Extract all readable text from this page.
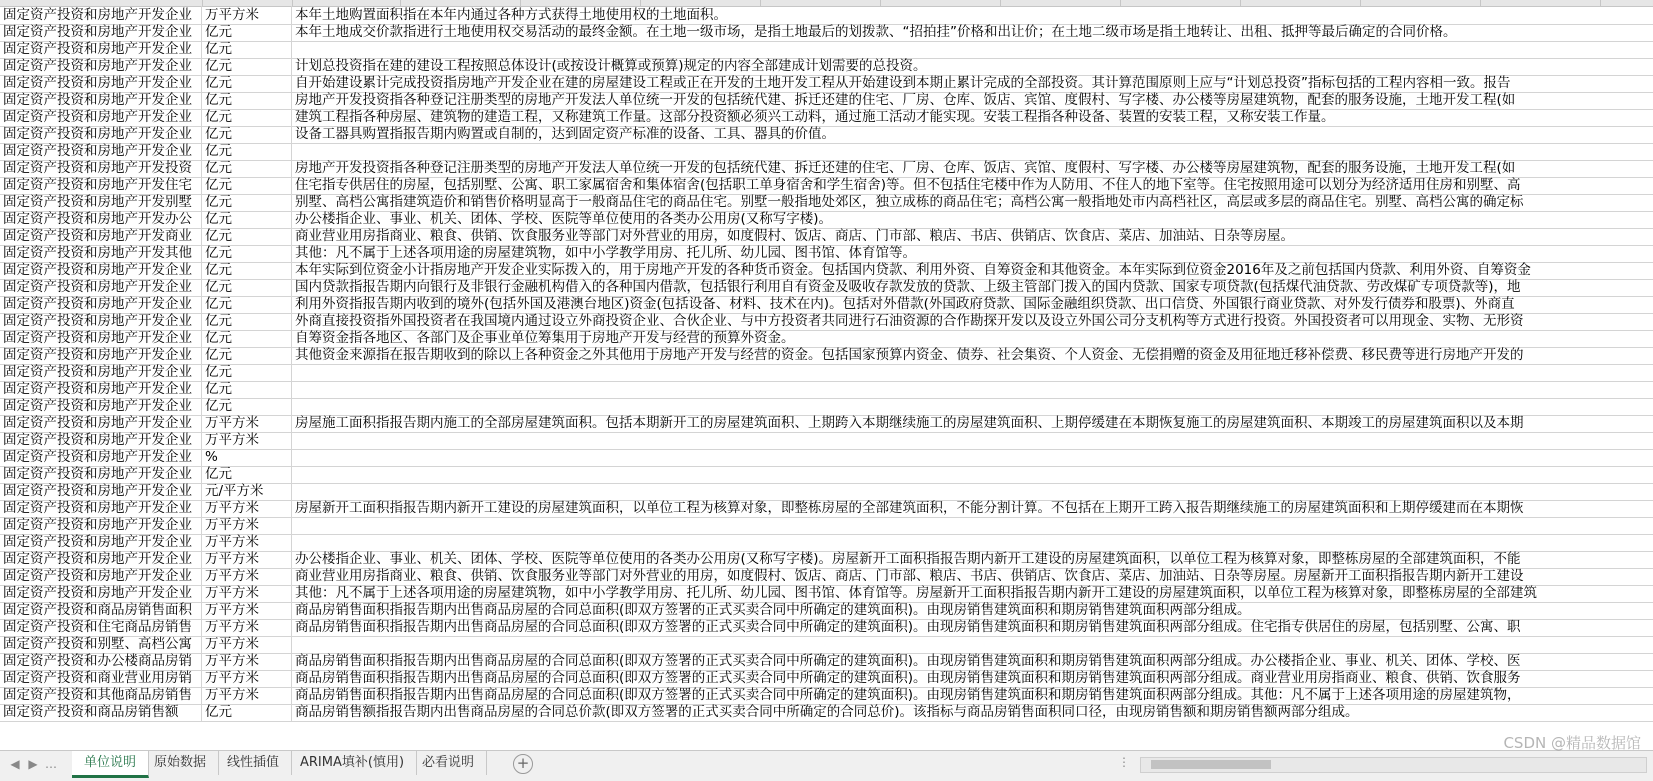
固定资产投资和房地产开发企业 万平方米	本年土地购置面积指在本年内通过各种方式获得土地使用权的土地面积。
固定资产投资和房地产开发企业 亿元	本年土地成交价款指进行土地使用权交易活动的最终金额。在土地一级市场，是指土地最后的划拨款、“招拍挂”价格和出让价；在土地二级市场是指土地转让、出租、抵押等最后确定的合同价格。
固定资产投资和房地产开发企业 亿元
固定资产投资和房地产开发企业 亿元	计划总投资指在建的建设工程按照总体设计(或按设计概算或预算)规定的内容全部建成计划需要的总投资。
固定资产投资和房地产开发企业 亿元	自开始建设累计完成投资指房地产开发企业在建的房屋建设工程或正在开发的土地开发工程从开始建设到本期止累计完成的全部投资。其计算范围原则上应与“计划总投资”指标包括的工程内容相一致。报告
固定资产投资和房地产开发企业 亿元	房地产开发投资指各种登记注册类型的房地产开发法人单位统一开发的包括统代建、拆迁还建的住宅、厂房、仓库、饭店、宾馆、度假村、写字楼、办公楼等房屋建筑物，配套的服务设施，土地开发工程(如
固定资产投资和房地产开发企业 亿元	建筑工程指各种房屋、建筑物的建造工程，又称建筑工作量。这部分投资额必须兴工动料，通过施工活动才能实现。安装工程指各种设备、装置的安装工程，又称安装工作量。
固定资产投资和房地产开发企业 亿元	设备工器具购置指报告期内购置或自制的，达到固定资产标准的设备、工具、器具的价值。
固定资产投资和房地产开发企业 亿元
固定资产投资和房地产开发投资 亿元	房地产开发投资指各种登记注册类型的房地产开发法人单位统一开发的包括统代建、拆迁还建的住宅、厂房、仓库、饭店、宾馆、度假村、写字楼、办公楼等房屋建筑物，配套的服务设施，土地开发工程(如
固定资产投资和房地产开发住宅 亿元	住宅指专供居住的房屋，包括别墅、公寓、职工家属宿舍和集体宿舍(包括职工单身宿舍和学生宿舍)等。但不包括住宅楼中作为人防用、不住人的地下室等。住宅按照用途可以划分为经济适用住房和别墅、高
固定资产投资和房地产开发别墅 亿元	别墅、高档公寓指建筑造价和销售价格明显高于一般商品住宅的商品住宅。别墅一般指地处郊区，独立成栋的商品住宅；高档公寓一般指地处市内高档社区，高层或多层的商品住宅。别墅、高档公寓的确定标
固定资产投资和房地产开发办公 亿元	办公楼指企业、事业、机关、团体、学校、医院等单位使用的各类办公用房(又称写字楼)。
固定资产投资和房地产开发商业 亿元	商业营业用房指商业、粮食、供销、饮食服务业等部门对外营业的用房，如度假村、饭店、商店、门市部、粮店、书店、供销店、饮食店、菜店、加油站、日杂等房屋。
固定资产投资和房地产开发其他 亿元	其他：凡不属于上述各项用途的房屋建筑物，如中小学教学用房、托儿所、幼儿园、图书馆、体育馆等。
固定资产投资和房地产开发企业 亿元	本年实际到位资金小计指房地产开发企业实际拨入的，用于房地产开发的各种货币资金。包括国内贷款、利用外资、自筹资金和其他资金。本年实际到位资金2016年及之前包括国内贷款、利用外资、自筹资金
固定资产投资和房地产开发企业 亿元	国内贷款指报告期内向银行及非银行金融机构借入的各种国内借款，包括银行利用自有资金及吸收存款发放的贷款、上级主管部门拨入的国内贷款、国家专项贷款(包括煤代油贷款、劳改煤矿专项贷款等)，地
固定资产投资和房地产开发企业 亿元	利用外资指报告期内收到的境外(包括外国及港澳台地区)资金(包括设备、材料、技术在内)。包括对外借款(外国政府贷款、国际金融组织贷款、出口信贷、外国银行商业贷款、对外发行债券和股票)、外商直
固定资产投资和房地产开发企业 亿元	外商直接投资指外国投资者在我国境内通过设立外商投资企业、合伙企业、与中方投资者共同进行石油资源的合作勘探开发以及设立外国公司分支机构等方式进行投资。外国投资者可以用现金、实物、无形资
固定资产投资和房地产开发企业 亿元	自筹资金指各地区、各部门及企事业单位筹集用于房地产开发与经营的预算外资金。
固定资产投资和房地产开发企业 亿元	其他资金来源指在报告期收到的除以上各种资金之外其他用于房地产开发与经营的资金。包括国家预算内资金、债券、社会集资、个人资金、无偿捐赠的资金及用征地迁移补偿费、移民费等进行房地产开发的
固定资产投资和房地产开发企业 亿元
固定资产投资和房地产开发企业 亿元
固定资产投资和房地产开发企业 亿元
固定资产投资和房地产开发企业 万平方米	房屋施工面积指报告期内施工的全部房屋建筑面积。包括本期新开工的房屋建筑面积、上期跨入本期继续施工的房屋建筑面积、上期停缓建在本期恢复施工的房屋建筑面积、本期竣工的房屋建筑面积以及本期
固定资产投资和房地产开发企业 万平方米
固定资产投资和房地产开发企业 %
固定资产投资和房地产开发企业 亿元
固定资产投资和房地产开发企业 元/平方米
固定资产投资和房地产开发企业 万平方米	房屋新开工面积指报告期内新开工建设的房屋建筑面积，以单位工程为核算对象，即整栋房屋的全部建筑面积，不能分割计算。不包括在上期开工跨入报告期继续施工的房屋建筑面积和上期停缓建而在本期恢
固定资产投资和房地产开发企业 万平方米
固定资产投资和房地产开发企业 万平方米
固定资产投资和房地产开发企业 万平方米	办公楼指企业、事业、机关、团体、学校、医院等单位使用的各类办公用房(又称写字楼)。房屋新开工面积指报告期内新开工建设的房屋建筑面积，以单位工程为核算对象，即整栋房屋的全部建筑面积，不能
固定资产投资和房地产开发企业 万平方米	商业营业用房指商业、粮食、供销、饮食服务业等部门对外营业的用房，如度假村、饭店、商店、门市部、粮店、书店、供销店、饮食店、菜店、加油站、日杂等房屋。房屋新开工面积指报告期内新开工建设
固定资产投资和房地产开发企业 万平方米	其他：凡不属于上述各项用途的房屋建筑物，如中小学教学用房、托儿所、幼儿园、图书馆、体育馆等。房屋新开工面积指报告期内新开工建设的房屋建筑面积，以单位工程为核算对象，即整栋房屋的全部建筑
固定资产投资和商品房销售面积 万平方米	商品房销售面积指报告期内出售商品房屋的合同总面积(即双方签署的正式买卖合同中所确定的建筑面积)。由现房销售建筑面积和期房销售建筑面积两部分组成。
固定资产投资和住宅商品房销售 万平方米	商品房销售面积指报告期内出售商品房屋的合同总面积(即双方签署的正式买卖合同中所确定的建筑面积)。由现房销售建筑面积和期房销售建筑面积两部分组成。住宅指专供居住的房屋，包括别墅、公寓、职
固定资产投资和别墅、高档公寓 万平方米
固定资产投资和办公楼商品房销 万平方米	商品房销售面积指报告期内出售商品房屋的合同总面积(即双方签署的正式买卖合同中所确定的建筑面积)。由现房销售建筑面积和期房销售建筑面积两部分组成。办公楼指企业、事业、机关、团体、学校、医
固定资产投资和商业营业用房销 万平方米	商品房销售面积指报告期内出售商品房屋的合同总面积(即双方签署的正式买卖合同中所确定的建筑面积)。由现房销售建筑面积和期房销售建筑面积两部分组成。商业营业用房指商业、粮食、供销、饮食服务
固定资产投资和其他商品房销售 万平方米	商品房销售面积指报告期内出售商品房屋的合同总面积(即双方签署的正式买卖合同中所确定的建筑面积)。由现房销售建筑面积和期房销售建筑面积两部分组成。其他：凡不属于上述各项用途的房屋建筑物，
固定资产投资和商品房销售额	亿元	商品房销售额指报告期内出售商品房屋的合同总价款(即双方签署的正式买卖合同中所确定的合同总价)。该指标与商品房销售面积同口径，由现房销售额和期房销售额两部分组成。
◀ ▶ …	单位说明	原始数据	线性插值	ARIMA填补(慎用)	必看说明	+	⋮
CSDN @精品数据馆
